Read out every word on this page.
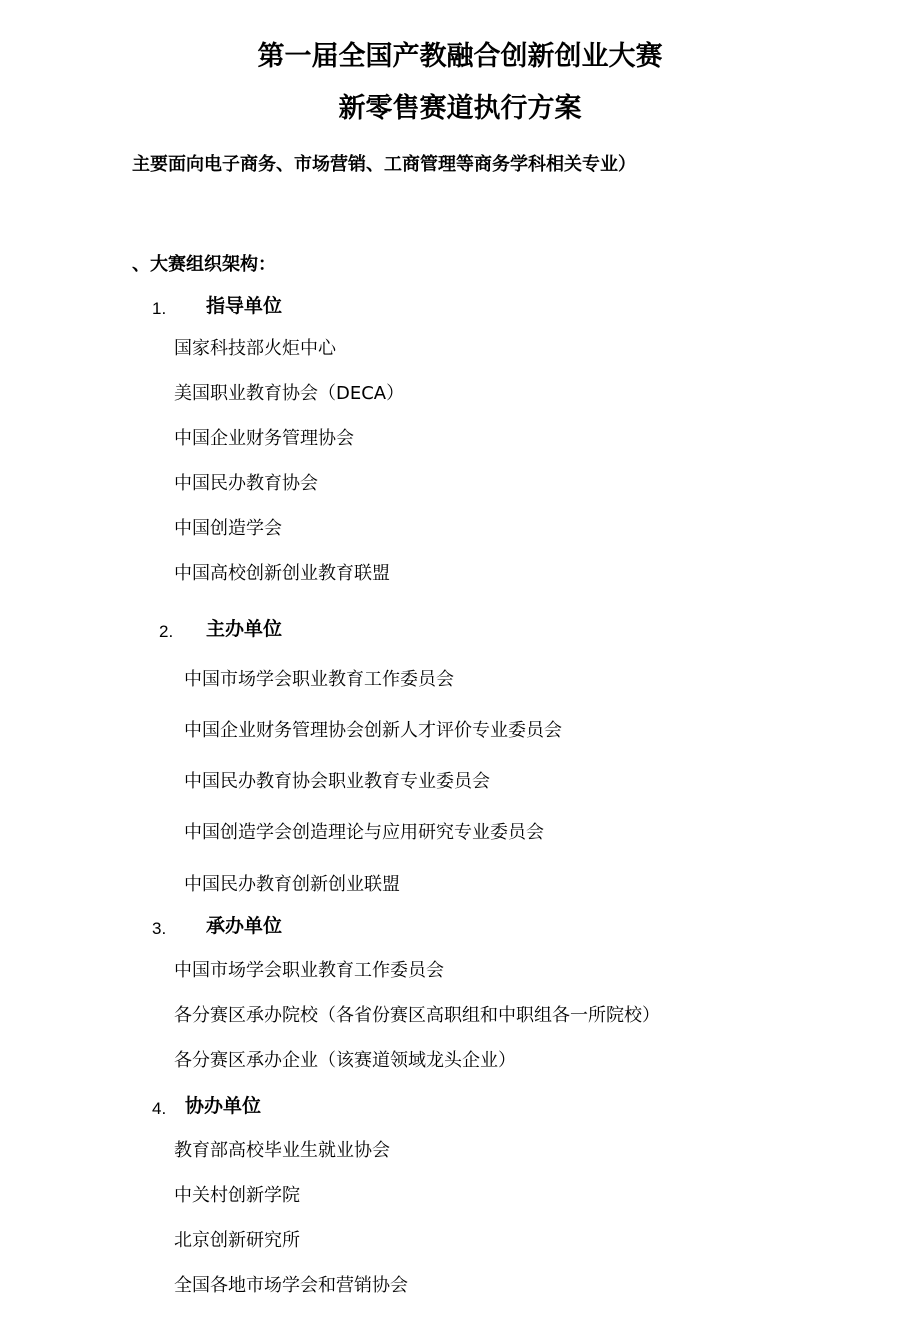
第一届全国产教融合创新创业大赛
新零售赛道执行方案
主要面向电子商务、市场营销、工商管理等商务学科相关专业）
、大赛组织架构：
1. 指导单位
国家科技部火炬中心
美国职业教育协会（DECA）
中国企业财务管理协会
中国民办教育协会
中国创造学会
中国高校创新创业教育联盟
2. 主办单位
中国市场学会职业教育工作委员会
中国企业财务管理协会创新人才评价专业委员会
中国民办教育协会职业教育专业委员会
中国创造学会创造理论与应用研究专业委员会
中国民办教育创新创业联盟
3. 承办单位
中国市场学会职业教育工作委员会
各分赛区承办院校（各省份赛区高职组和中职组各一所院校）
各分赛区承办企业（该赛道领域龙头企业）
4. 协办单位
教育部高校毕业生就业协会
中关村创新学院
北京创新研究所
全国各地市场学会和营销协会
